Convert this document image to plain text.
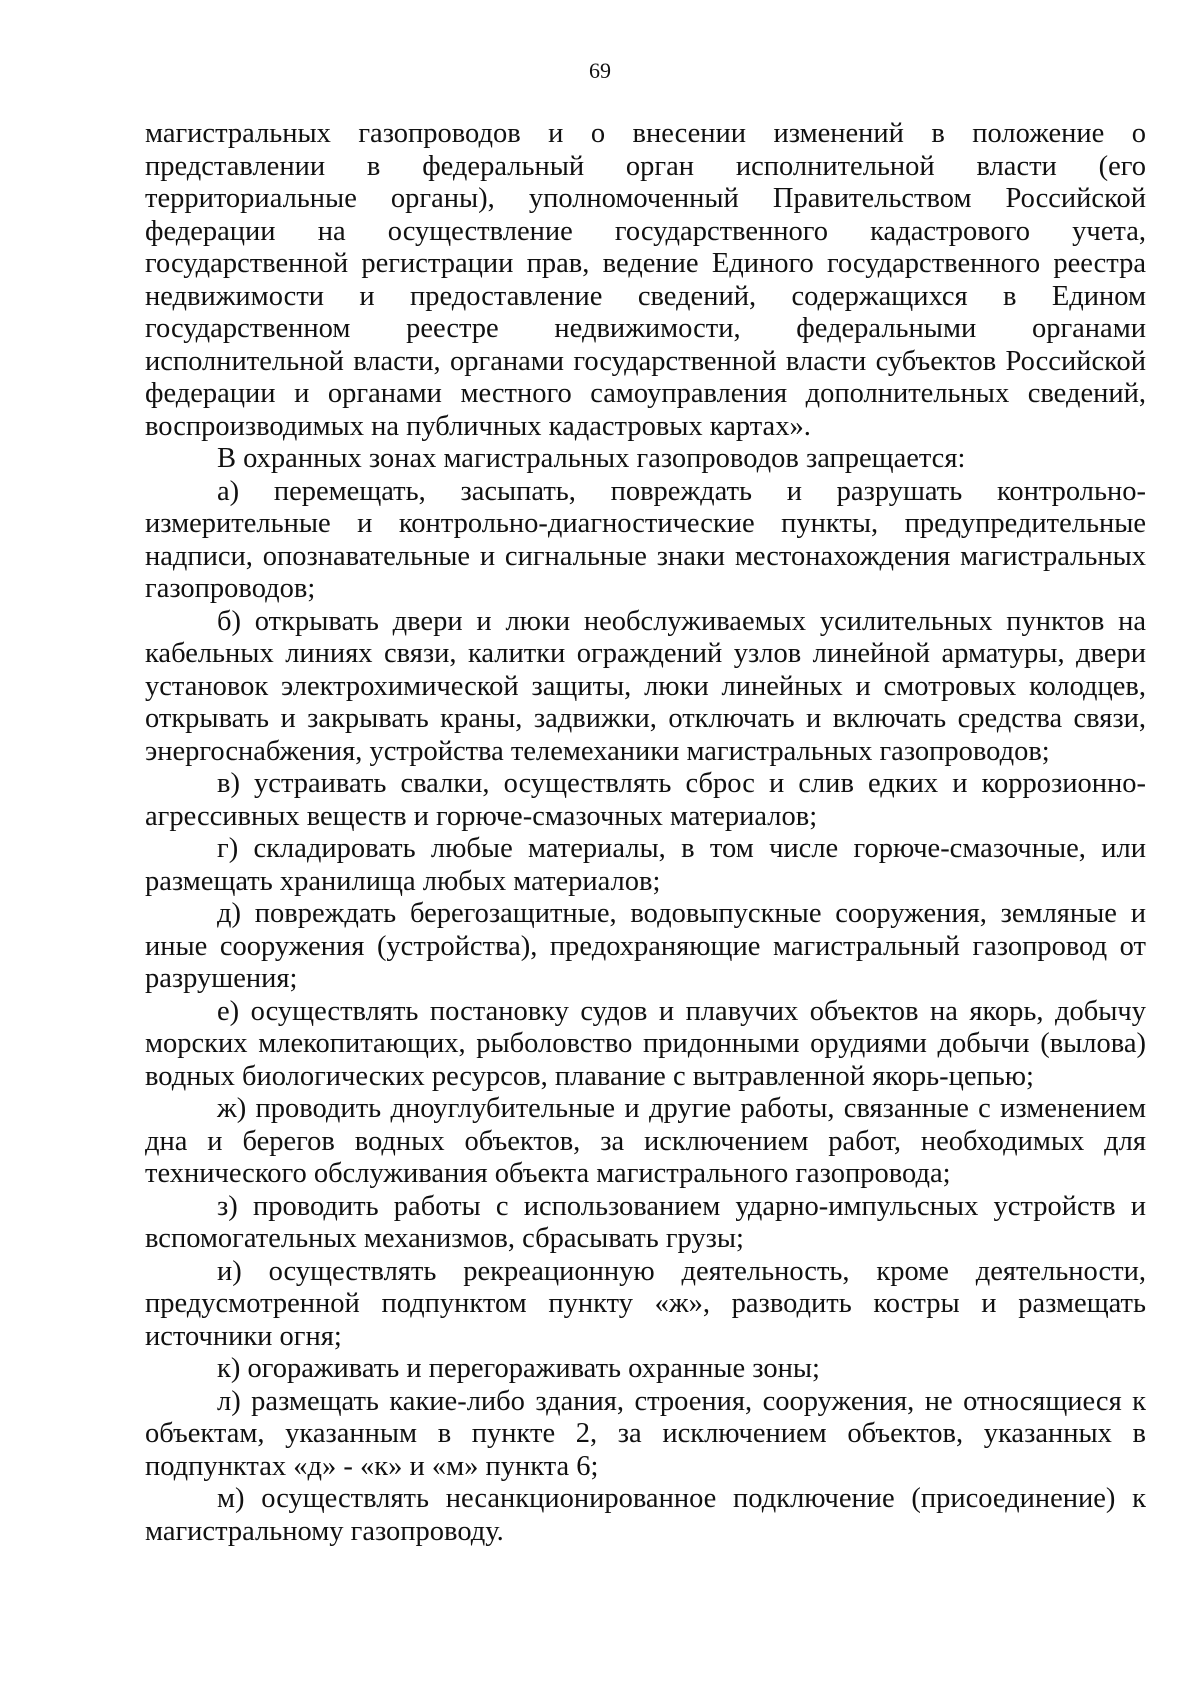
69

магистральных газопроводов и о внесении изменений в положение о представлении в федеральный орган исполнительной власти (его территориальные органы), уполномоченный Правительством Российской федерации на осуществление государственного кадастрового учета, государственной регистрации прав, ведение Единого государственного реестра недвижимости и предоставление сведений, содержащихся в Едином государственном реестре недвижимости, федеральными органами исполнительной власти, органами государственной власти субъектов Российской федерации и органами местного самоуправления дополнительных сведений, воспроизводимых на публичных кадастровых картах».

В охранных зонах магистральных газопроводов запрещается:

а) перемещать, засыпать, повреждать и разрушать контрольно-измерительные и контрольно-диагностические пункты, предупредительные надписи, опознавательные и сигнальные знаки местонахождения магистральных газопроводов;

б) открывать двери и люки необслуживаемых усилительных пунктов на кабельных линиях связи, калитки ограждений узлов линейной арматуры, двери установок электрохимической защиты, люки линейных и смотровых колодцев, открывать и закрывать краны, задвижки, отключать и включать средства связи, энергоснабжения, устройства телемеханики магистральных газопроводов;

в) устраивать свалки, осуществлять сброс и слив едких и коррозионно-агрессивных веществ и горюче-смазочных материалов;

г) складировать любые материалы, в том числе горюче-смазочные, или размещать хранилища любых материалов;

д) повреждать берегозащитные, водовыпускные сооружения, земляные и иные сооружения (устройства), предохраняющие магистральный газопровод от разрушения;

е) осуществлять постановку судов и плавучих объектов на якорь, добычу морских млекопитающих, рыболовство придонными орудиями добычи (вылова) водных биологических ресурсов, плавание с вытравленной якорь-цепью;

ж) проводить дноуглубительные и другие работы, связанные с изменением дна и берегов водных объектов, за исключением работ, необходимых для технического обслуживания объекта магистрального газопровода;

з) проводить работы с использованием ударно-импульсных устройств и вспомогательных механизмов, сбрасывать грузы;

и) осуществлять рекреационную деятельность, кроме деятельности, предусмотренной подпунктом пункту «ж», разводить костры и размещать источники огня;

к) огораживать и перегораживать охранные зоны;

л) размещать какие-либо здания, строения, сооружения, не относящиеся к объектам, указанным в пункте 2, за исключением объектов, указанных в подпунктах «д» - «к» и «м» пункта 6;

м) осуществлять несанкционированное подключение (присоединение) к магистральному газопроводу.
